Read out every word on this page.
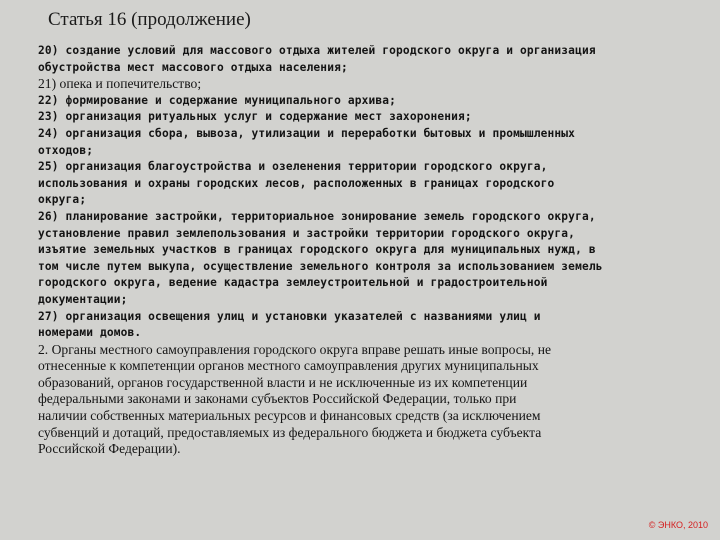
Статья 16 (продолжение)
20) создание условий для массового отдыха жителей городского округа и организация
обустройства мест массового отдыха населения;
21) опека и попечительство;
22) формирование и содержание муниципального архива;
23) организация ритуальных услуг и содержание мест захоронения;
24) организация сбора, вывоза, утилизации и переработки бытовых и промышленных
отходов;
25) организация благоустройства и озеленения территории городского округа,
использования и охраны городских лесов, расположенных в границах городского
округа;
26) планирование застройки, территориальное зонирование земель городского округа,
установление правил землепользования и застройки территории городского округа,
изъятие земельных участков в границах городского округа для муниципальных нужд, в
том числе путем выкупа, осуществление земельного контроля за использованием земель
городского округа, ведение кадастра землеустроительной и градостроительной
документации;
27) организация освещения улиц и установки указателей с названиями улиц и
номерами домов.
2. Органы местного самоуправления городского округа вправе решать иные вопросы, не
отнесенные к компетенции органов местного самоуправления других муниципальных
образований, органов государственной власти и не исключенные из их компетенции
федеральными законами и законами субъектов Российской Федерации, только при
наличии собственных материальных ресурсов и финансовых средств (за исключением
субвенций и дотаций, предоставляемых из федерального бюджета и бюджета субъекта
Российской Федерации).
© ЭНКО, 2010
